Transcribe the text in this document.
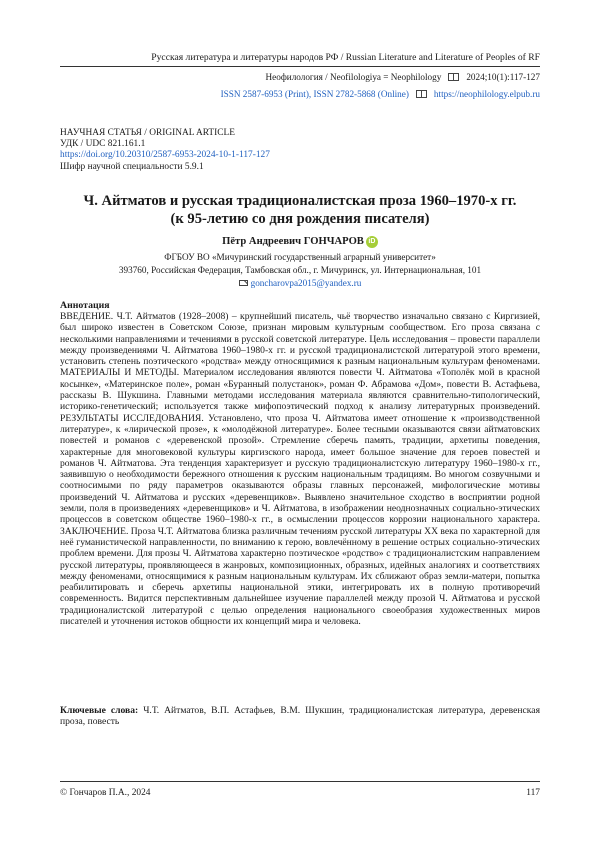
Русская литература и литературы народов РФ / Russian Literature and Literature of Peoples of RF
Неофилология / Neofilologiya = Neophilology	2024;10(1):117-127
ISSN 2587-6953 (Print), ISSN 2782-5868 (Online)	https://neophilology.elpub.ru
НАУЧНАЯ СТАТЬЯ / ORIGINAL ARTICLE
УДК / UDC 821.161.1
https://doi.org/10.20310/2587-6953-2024-10-1-117-127
Шифр научной специальности 5.9.1
Ч. Айтматов и русская традиционалистская проза 1960–1970-х гг.
(к 95-летию со дня рождения писателя)
Пётр Андреевич ГОНЧАРОВ iD
ФГБОУ ВО «Мичуринский государственный аграрный университет»
393760, Российская Федерация, Тамбовская обл., г. Мичуринск, ул. Интернациональная, 101
goncharovpa2015@yandex.ru
Аннотация
ВВЕДЕНИЕ. Ч.Т. Айтматов (1928–2008) – крупнейший писатель, чьё творчество изначально связано с Киргизией, был широко известен в Советском Союзе, признан мировым культурным сообществом. Его проза связана с несколькими направлениями и течениями в русской советской литературе. Цель исследования – провести параллели между произведениями Ч. Айтматова 1960–1980-х гг. и русской традиционалистской литературой этого времени, установить степень поэтического «родства» между относящимися к разным национальным культурам феноменами. МАТЕРИАЛЫ И МЕТОДЫ. Материалом исследования являются повести Ч. Айтматова «Тополёк мой в красной косынке», «Материнское поле», роман «Буранный полустанок», роман Ф. Абрамова «Дом», повести В. Астафьева, рассказы В. Шукшина. Главными методами исследования материала являются сравнительно-типологический, историко-генетический; используется также мифопоэтический подход к анализу литературных произведений. РЕЗУЛЬТАТЫ ИССЛЕДОВАНИЯ. Установлено, что проза Ч. Айтматова имеет отношение к «производственной литературе», к «лирической прозе», к «молодёжной литературе». Более тесными оказываются связи айтматовских повестей и романов с «деревенской прозой». Стремление сберечь память, традиции, архетипы поведения, характерные для многовековой культуры киргизского народа, имеет большое значение для героев повестей и романов Ч. Айтматова. Эта тенденция характеризует и русскую традиционалистскую литературу 1960–1980-х гг., заявившую о необходимости бережного отношения к русским национальным традициям. Во многом созвучными и соотносимыми по ряду параметров оказываются образы главных персонажей, мифологические мотивы произведений Ч. Айтматова и русских «деревенщиков». Выявлено значительное сходство в восприятии родной земли, поля в произведениях «деревенщиков» и Ч. Айтматова, в изображении неоднозначных социально-этических процессов в советском обществе 1960–1980-х гг., в осмыслении процессов коррозии национального характера. ЗАКЛЮЧЕНИЕ. Проза Ч.Т. Айтматова близка различным течениям русской литературы ХХ века по характерной для неё гуманистической направленности, по вниманию к герою, вовлечённому в решение острых социально-этических проблем времени. Для прозы Ч. Айтматова характерно поэтическое «родство» с традиционалистским направлением русской литературы, проявляющееся в жанровых, композиционных, образных, идейных аналогиях и соответствиях между феноменами, относящимися к разным национальным культурам. Их сближают образ земли-матери, попытка реабилитировать и сберечь архетипы национальной этики, интегрировать их в полную противоречий современность. Видится перспективным дальнейшее изучение параллелей между прозой Ч. Айтматова и русской традиционалистской литературой с целью определения национального своеобразия художественных миров писателей и уточнения истоков общности их концепций мира и человека.
Ключевые слова: Ч.Т. Айтматов, В.П. Астафьев, В.М. Шукшин, традиционалистская литература, деревенская проза, повесть
© Гончаров П.А., 2024	117
